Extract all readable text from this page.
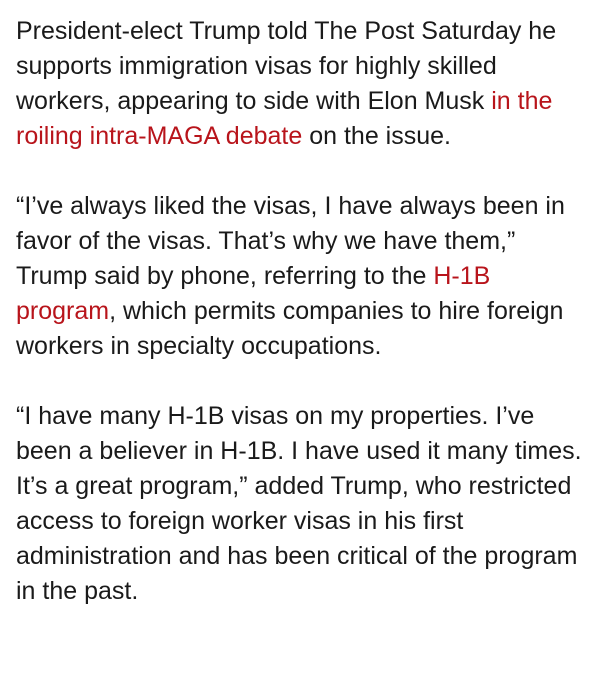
President-elect Trump told The Post Saturday he supports immigration visas for highly skilled workers, appearing to side with Elon Musk in the roiling intra-MAGA debate on the issue.

“I’ve always liked the visas, I have always been in favor of the visas. That’s why we have them,” Trump said by phone, referring to the H-1B program, which permits companies to hire foreign workers in specialty occupations.

“I have many H-1B visas on my properties. I’ve been a believer in H-1B. I have used it many times. It’s a great program,” added Trump, who restricted access to foreign worker visas in his first administration and has been critical of the program in the past.
